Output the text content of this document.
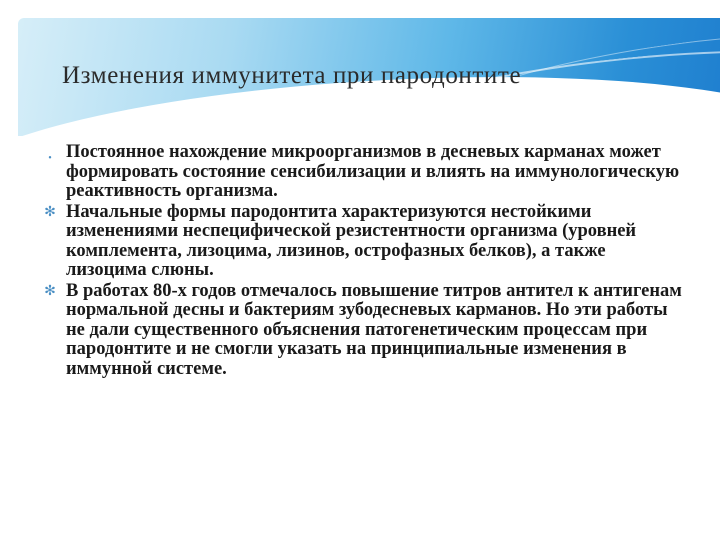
Изменения иммунитета при пародонтите
• Постоянное нахождение микроорганизмов в десневых карманах может формировать состояние сенсибилизации и влиять на иммунологическую реактивность организма.
✻ Начальные формы пародонтита характеризуются нестойкими изменениями неспецифической резистентности организма (уровней комплемента, лизоцима, лизинов, острофазных белков), а также лизоцима слюны.
✻ В работах 80-х годов отмечалось повышение титров антител к антигенам нормальной десны и бактериям зубодесневых карманов. Но эти работы не дали существенного объяснения патогенетическим процессам при пародонтите и не смогли указать на принципиальные изменения в иммунной системе.
